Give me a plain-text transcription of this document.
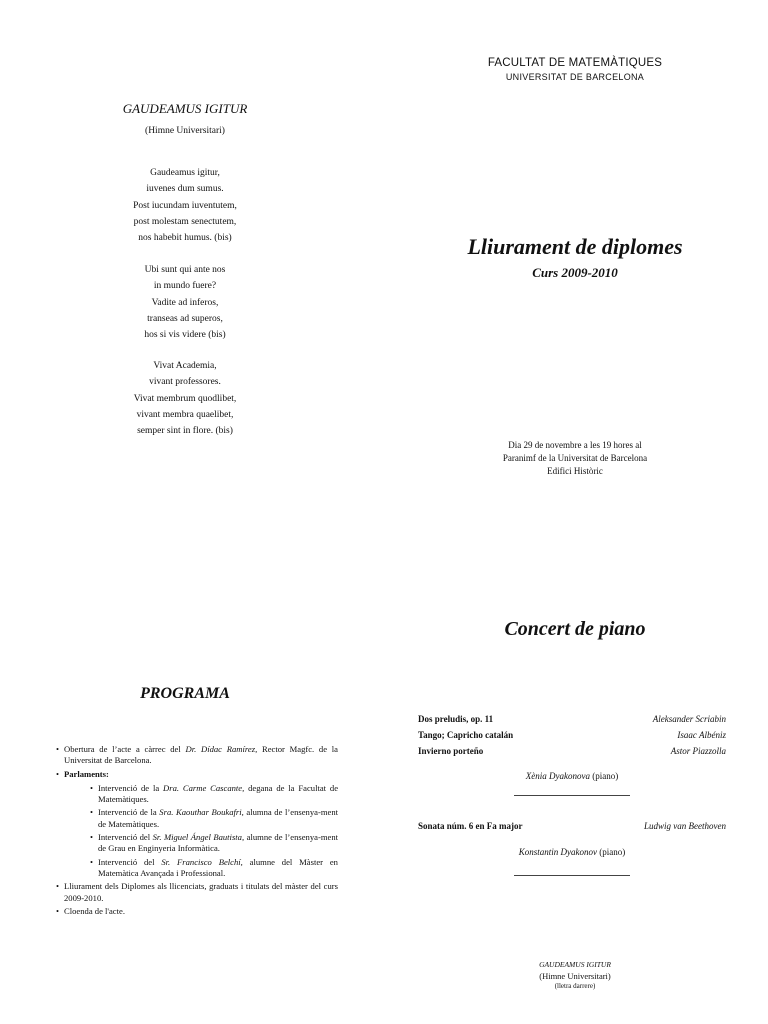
GAUDEAMUS IGITUR
(Himne Universitari)
Gaudeamus igitur,
iuvenes dum sumus.
Post iucundam iuventutem,
post molestam senectutem,
nos habebit humus. (bis)
Ubi sunt qui ante nos
in mundo fuere?
Vadite ad inferos,
transeas ad superos,
hos si vis videre (bis)
Vivat Academia,
vivant professores.
Vivat membrum quodlibet,
vivant membra quaelibet,
semper sint in flore. (bis)
FACULTAT DE MATEMÀTIQUES
UNIVERSITAT DE BARCELONA
Lliurament de diplomes
Curs 2009-2010
Dia 29 de novembre a les 19 hores al
Paranimf de la Universitat de Barcelona
Edifici Històric
Concert de piano
Dos preludis, op. 11	Aleksander Scriabin
Tango; Capricho catalán	Isaac Albéniz
Invierno porteño	Astor Piazzolla
Xènia Dyakonova (piano)
Sonata núm. 6 en Fa major	Ludwig van Beethoven
Konstantin Dyakonov (piano)
GAUDEAMUS IGITUR
(Himne Universitari)
(lletra darrere)
PROGRAMA
• Obertura de l’acte a càrrec del Dr. Dídac Ramírez, Rector Magfc. de la Universitat de Barcelona.
• Parlaments:
• Intervenció de la Dra. Carme Cascante, degana de la Facultat de Matemàtiques.
• Intervenció de la Sra. Kaouthar Boukafri, alumna de l’ensenya-ment de Matemàtiques.
• Intervenció del Sr. Miguel Ángel Bautista, alumne de l’ensenya-ment de Grau en Enginyeria Informàtica.
• Intervenció del Sr. Francisco Belchí, alumne del Màster en Matemàtica Avançada i Professional.
• Lliurament dels Diplomes als llicenciats, graduats i titulats del màster del curs 2009-2010.
• Cloenda de l'acte.
